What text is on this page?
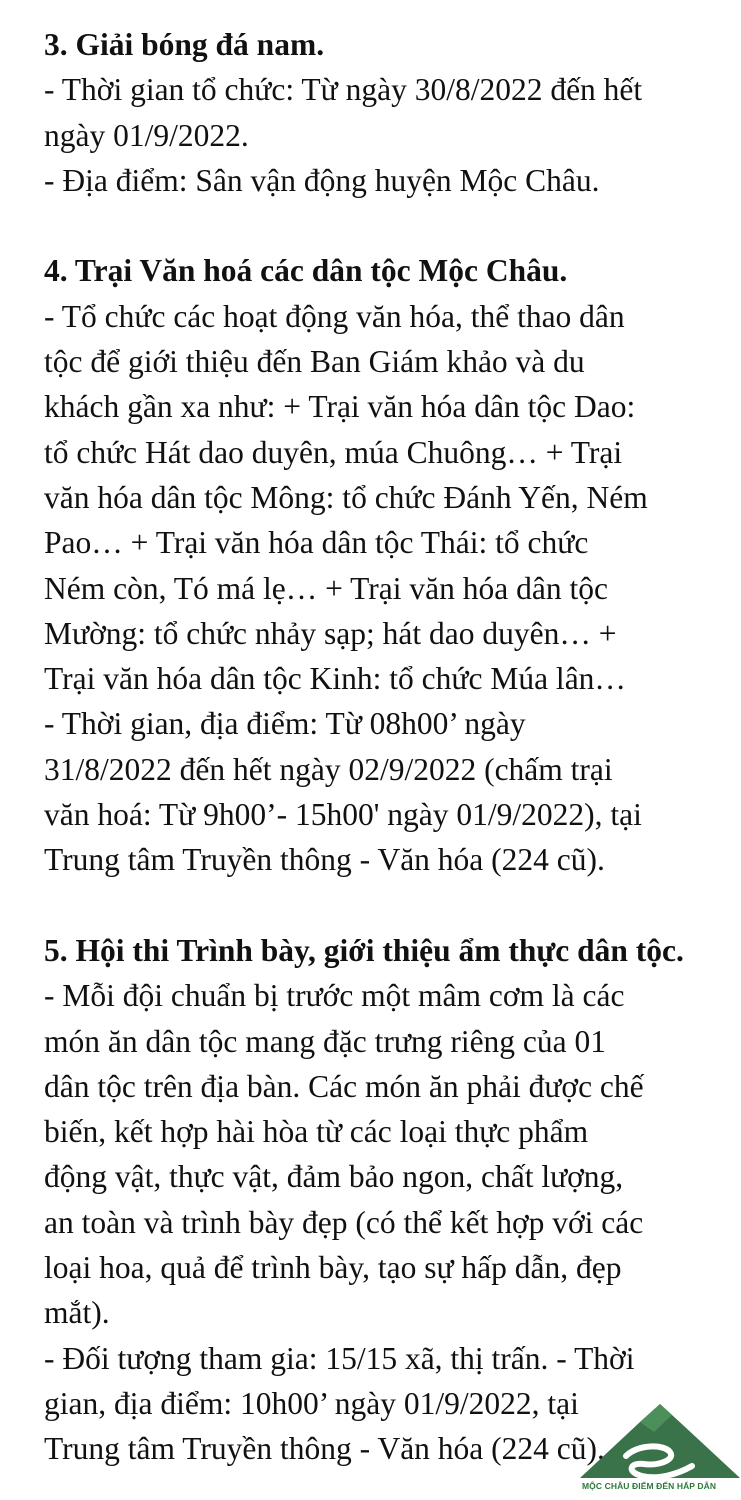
3. Giải bóng đá nam.
- Thời gian tổ chức: Từ ngày 30/8/2022 đến hết
ngày 01/9/2022.
- Địa điểm: Sân vận động huyện Mộc Châu.
4. Trại Văn hoá các dân tộc Mộc Châu.
- Tổ chức các hoạt động văn hóa, thể thao dân
tộc để giới thiệu đến Ban Giám khảo và du
khách gần xa như: + Trại văn hóa dân tộc Dao:
tổ chức Hát dao duyên, múa Chuông… + Trại
văn hóa dân tộc Mông: tổ chức Đánh Yến, Ném
Pao… + Trại văn hóa dân tộc Thái: tổ chức
Ném còn, Tó má lẹ… + Trại văn hóa dân tộc
Mường: tổ chức nhảy sạp; hát dao duyên… +
Trại văn hóa dân tộc Kinh: tổ chức Múa lân…
- Thời gian, địa điểm: Từ 08h00’ ngày
31/8/2022 đến hết ngày 02/9/2022 (chấm trại
văn hoá: Từ 9h00’- 15h00' ngày 01/9/2022), tại
Trung tâm Truyền thông - Văn hóa (224 cũ).
5. Hội thi Trình bày, giới thiệu ẩm thực dân tộc.
- Mỗi đội chuẩn bị trước một mâm cơm là các
món ăn dân tộc mang đặc trưng riêng của 01
dân tộc trên địa bàn. Các món ăn phải được chế
biến, kết hợp hài hòa từ các loại thực phẩm
động vật, thực vật, đảm bảo ngon, chất lượng,
an toàn và trình bày đẹp (có thể kết hợp với các
loại hoa, quả để trình bày, tạo sự hấp dẫn, đẹp
mắt).
- Đối tượng tham gia: 15/15 xã, thị trấn. - Thời
gian, địa điểm: 10h00’ ngày 01/9/2022, tại
Trung tâm Truyền thông - Văn hóa (224 cũ).
MỘC CHÂU ĐIỂM ĐẾN HẤP DẪN
